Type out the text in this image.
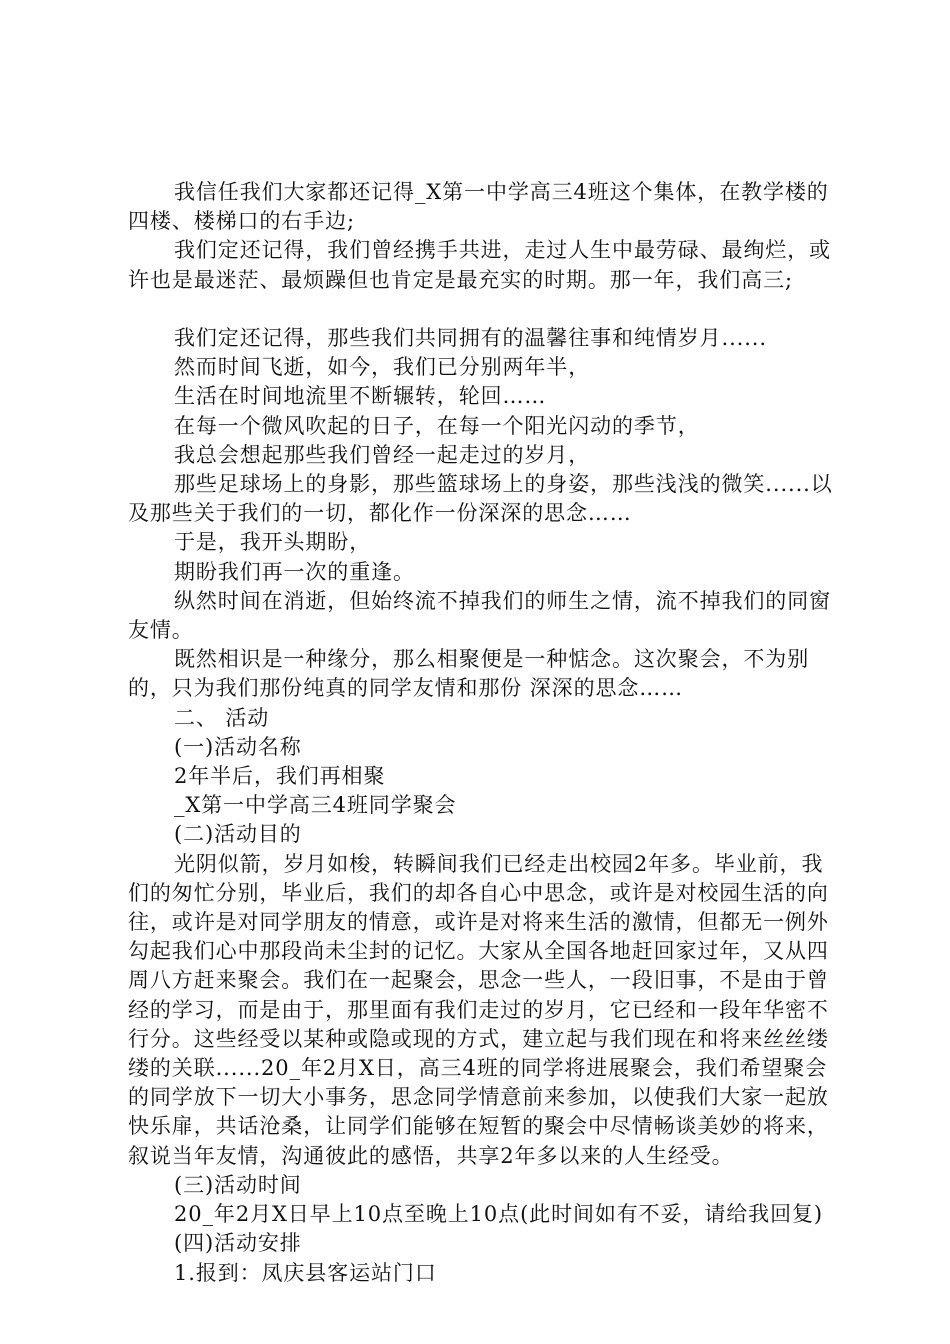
我信任我们大家都还记得_X第一中学高三4班这个集体，在教学楼的四楼、楼梯口的右手边;

我们定还记得，我们曾经携手共进，走过人生中最劳碌、最绚烂，或许也是最迷茫、最烦躁但也肯定是最充实的时期。那一年，我们高三;

我们定还记得，那些我们共同拥有的温馨往事和纯情岁月......

然而时间飞逝，如今，我们已分别两年半，

生活在时间地流里不断辗转，轮回……

在每一个微风吹起的日子，在每一个阳光闪动的季节，

我总会想起那些我们曾经一起走过的岁月，

那些足球场上的身影，那些篮球场上的身姿，那些浅浅的微笑......以及那些关于我们的一切，都化作一份深深的思念……

于是，我开头期盼，

期盼我们再一次的重逢。

纵然时间在消逝，但始终流不掉我们的师生之情，流不掉我们的同窗友情。

既然相识是一种缘分，那么相聚便是一种惦念。这次聚会，不为别的，只为我们那份纯真的同学友情和那份 深深的思念……

二、 活动

(一)活动名称

2年半后，我们再相聚

_X第一中学高三4班同学聚会

(二)活动目的

光阴似箭，岁月如梭，转瞬间我们已经走出校园2年多。毕业前，我们的匆忙分别，毕业后，我们的却各自心中思念，或许是对校园生活的向往，或许是对同学朋友的情意，或许是对将来生活的激情，但都无一例外勾起我们心中那段尚未尘封的记忆。大家从全国各地赶回家过年，又从四周八方赶来聚会。我们在一起聚会，思念一些人，一段旧事，不是由于曾经的学习，而是由于，那里面有我们走过的岁月，它已经和一段年华密不行分。这些经受以某种或隐或现的方式，建立起与我们现在和将来丝丝缕缕的关联......20_年2月X日，高三4班的同学将进展聚会，我们希望聚会的同学放下一切大小事务，思念同学情意前来参加，以使我们大家一起放快乐扉，共话沧桑，让同学们能够在短暂的聚会中尽情畅谈美妙的将来，叙说当年友情，沟通彼此的感悟，共享2年多以来的人生经受。

(三)活动时间

20_年2月X日早上10点至晚上10点(此时间如有不妥，请给我回复)

(四)活动安排

1.报到：凤庆县客运站门口
